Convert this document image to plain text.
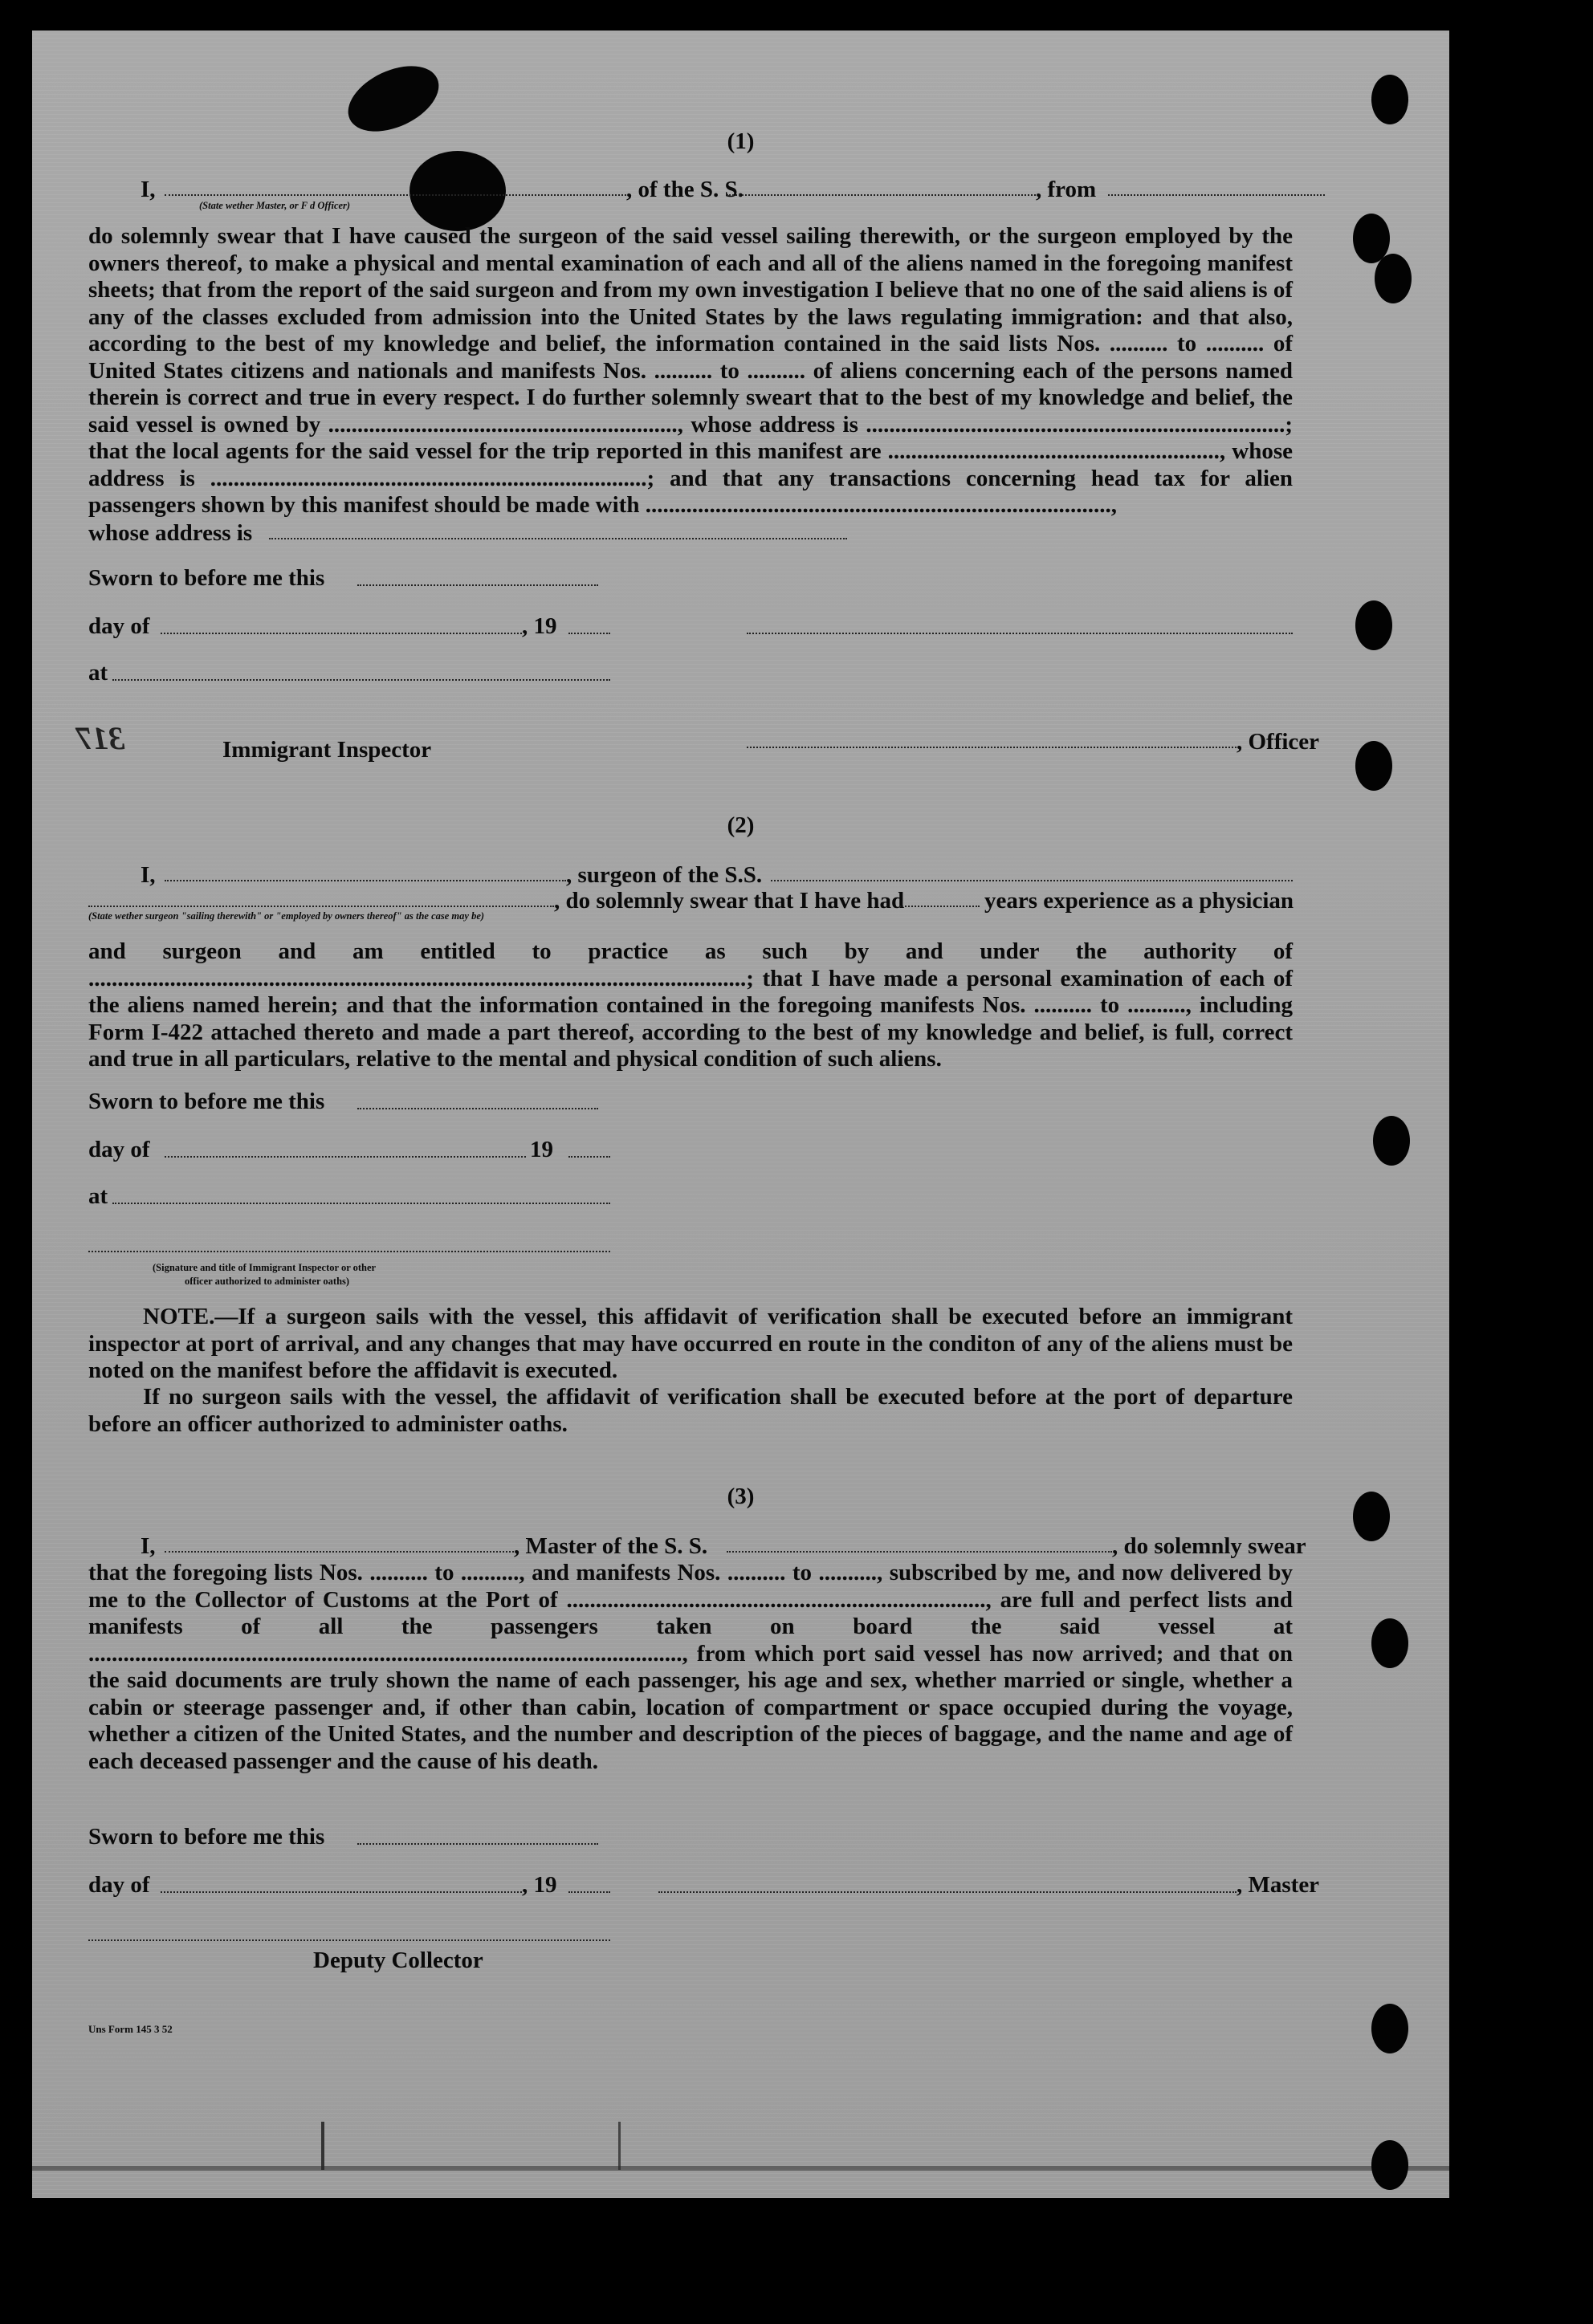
(1)
I,	, of the S. S.	, from
(State wether Master, or F d Officer)
do solemnly swear that I have caused the surgeon of the said vessel sailing therewith, or the surgeon employed by the owners thereof, to make a physical and mental examination of each and all of the aliens named in the foregoing manifest sheets; that from the report of the said surgeon and from my own investigation I believe that no one of the said aliens is of any of the classes excluded from admission into the United States by the laws regulating immigration: and that also, according to the best of my knowledge and belief, the information contained in the said lists Nos. .......... to .......... of United States citizens and nationals and manifests Nos. .......... to .......... of aliens concerning each of the persons named therein is correct and true in every respect. I do further solemnly sweart that to the best of my knowledge and belief, the said vessel is owned by ............................................................, whose address is ........................................................................; that the local agents for the said vessel for the trip reported in this manifest are ........................................................., whose address is ...........................................................................; and that any transactions concerning head tax for alien passengers shown by this manifest should be made with ................................................................................,
whose address is
Sworn to before me this
day of	, 19
at
317	Immigrant Inspector	, Officer
(2)
I,	, surgeon of the S.S.
, do solemnly swear that I have had	years experience as a physician
(State wether surgeon "sailing therewith" or "employed by owners thereof" as the case may be)
and surgeon and am entitled to practice as such by and under the authority of .................................................................................................................; that I have made a personal examination of each of the aliens named herein; and that the information contained in the foregoing manifests Nos. .......... to .........., including Form I-422 attached thereto and made a part thereof, according to the best of my knowledge and belief, is full, correct and true in all particulars, relative to the mental and physical condition of such aliens.
Sworn to before me this
day of	19
at
(Signature and title of Immigrant Inspector or other
officer authorized to administer oaths)
NOTE.—If a surgeon sails with the vessel, this affidavit of verification shall be executed before an immigrant inspector at port of arrival, and any changes that may have occurred en route in the conditon of any of the aliens must be noted on the manifest before the affidavit is executed.
If no surgeon sails with the vessel, the affidavit of verification shall be executed before at the port of departure before an officer authorized to administer oaths.
(3)
I,	, Master of the S. S.	, do solemnly swear
that the foregoing lists Nos. .......... to .........., and manifests Nos. .......... to .........., subscribed by me, and now delivered by me to the Collector of Customs at the Port of ........................................................................, are full and perfect lists and manifests of all the passengers taken on board the said vessel at ......................................................................................................, from which port said vessel has now arrived; and that on the said documents are truly shown the name of each passenger, his age and sex, whether married or single, whether a cabin or steerage passenger and, if other than cabin, location of compartment or space occupied during the voyage, whether a citizen of the United States, and the number and description of the pieces of baggage, and the name and age of each deceased passenger and the cause of his death.
Sworn to before me this
day of	, 19	, Master
Deputy Collector
Uns Form 145 3 52
